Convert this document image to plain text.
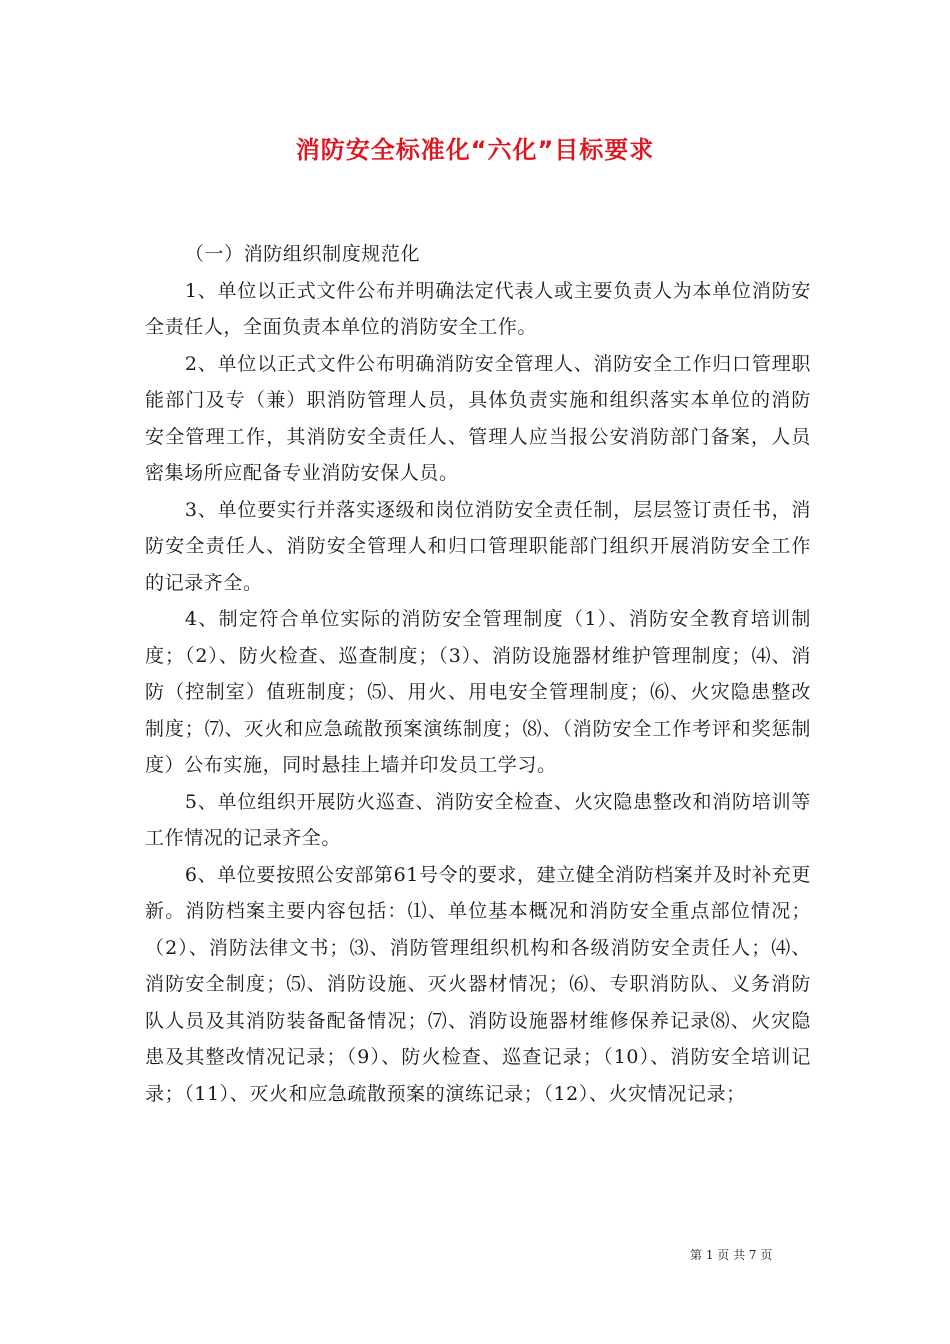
消防安全标准化“六化”目标要求

（一）消防组织制度规范化

1、单位以正式文件公布并明确法定代表人或主要负责人为本单位消防安全责任人，全面负责本单位的消防安全工作。

2、单位以正式文件公布明确消防安全管理人、消防安全工作归口管理职能部门及专（兼）职消防管理人员，具体负责实施和组织落实本单位的消防安全管理工作，其消防安全责任人、管理人应当报公安消防部门备案，人员密集场所应配备专业消防安保人员。

3、单位要实行并落实逐级和岗位消防安全责任制，层层签订责任书，消防安全责任人、消防安全管理人和归口管理职能部门组织开展消防安全工作的记录齐全。

4、制定符合单位实际的消防安全管理制度（1）、消防安全教育培训制度；（2）、防火检查、巡查制度；（3）、消防设施器材维护管理制度；⑷、消防（控制室）值班制度；⑸、用火、用电安全管理制度；⑹、火灾隐患整改制度；⑺、灭火和应急疏散预案演练制度；⑻、（消防安全工作考评和奖惩制度）公布实施，同时悬挂上墙并印发员工学习。

5、单位组织开展防火巡查、消防安全检查、火灾隐患整改和消防培训等工作情况的记录齐全。

6、单位要按照公安部第61号令的要求，建立健全消防档案并及时补充更新。消防档案主要内容包括：⑴、单位基本概况和消防安全重点部位情况；（2）、消防法律文书；⑶、消防管理组织机构和各级消防安全责任人；⑷、消防安全制度；⑸、消防设施、灭火器材情况；⑹、专职消防队、义务消防队人员及其消防装备配备情况；⑺、消防设施器材维修保养记录⑻、火灾隐患及其整改情况记录；（9）、防火检查、巡查记录；（10）、消防安全培训记录；（11）、灭火和应急疏散预案的演练记录；（12）、火灾情况记录；

第 1 页 共 7 页
